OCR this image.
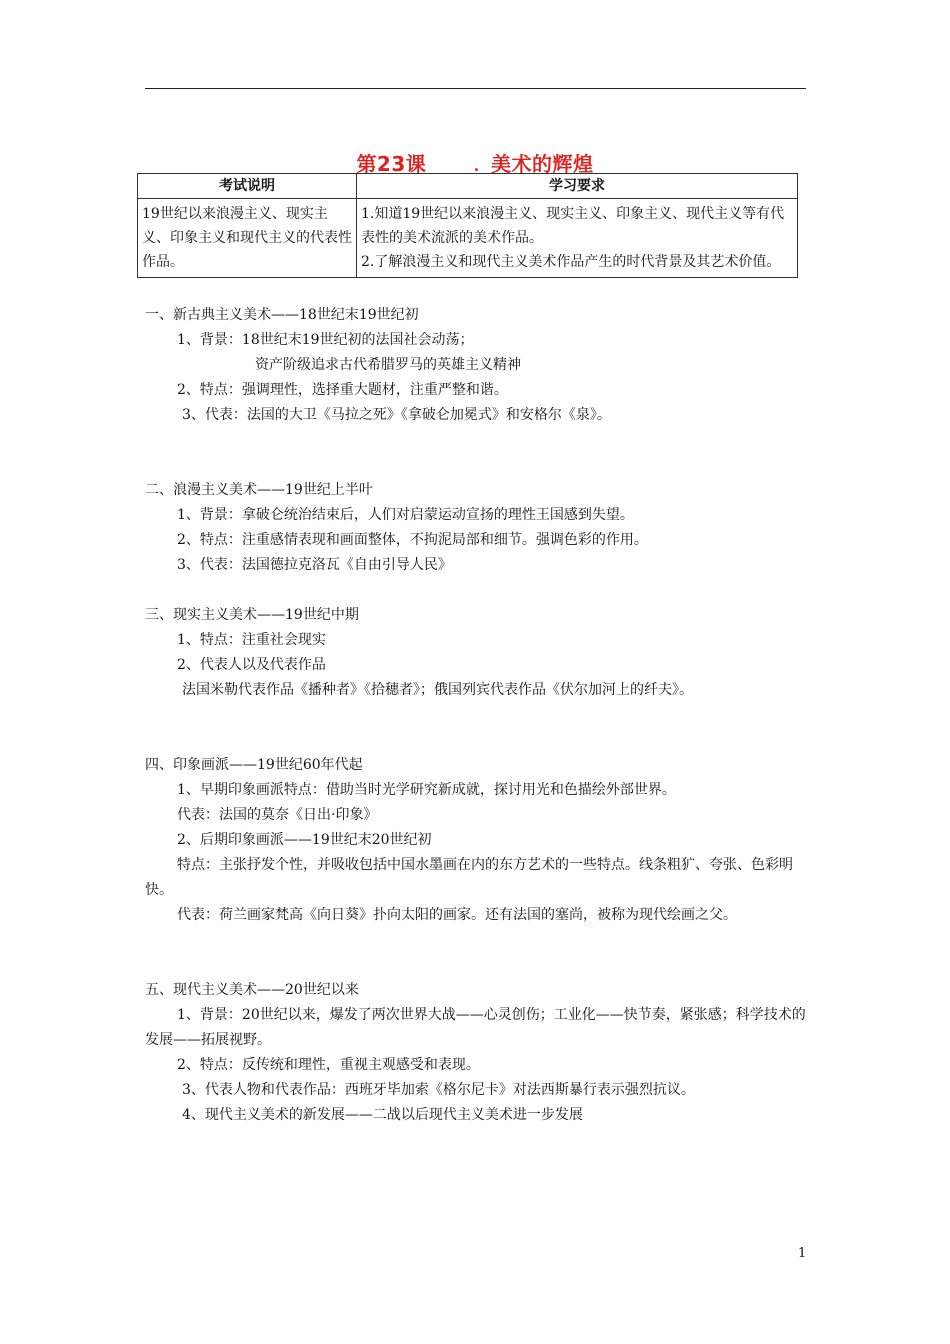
第23课	. 美术的辉煌
考试说明	学习要求
19世纪以来浪漫主义、现实主义、印象主义和现代主义的代表性作品。	1.知道19世纪以来浪漫主义、现实主义、印象主义、现代主义等有代表性的美术流派的美术作品。
2.了解浪漫主义和现代主义美术作品产生的时代背景及其艺术价值。

一、新古典主义美术——18世纪末19世纪初

1、背景：18世纪末19世纪初的法国社会动荡；

资产阶级追求古代希腊罗马的英雄主义精神

2、特点：强调理性，选择重大题材，注重严整和谐。

3、代表：法国的大卫《马拉之死》《拿破仑加冕式》和安格尔《泉》。

二、浪漫主义美术——19世纪上半叶

1、背景：拿破仑统治结束后，人们对启蒙运动宣扬的理性王国感到失望。

2、特点：注重感情表现和画面整体，不拘泥局部和细节。强调色彩的作用。

3、代表：法国德拉克洛瓦《自由引导人民》

三、现实主义美术——19世纪中期

1、特点：注重社会现实

2、代表人以及代表作品

法国米勒代表作品《播种者》《拾穗者》；俄国列宾代表作品《伏尔加河上的纤夫》。

四、印象画派——19世纪60年代起

1、早期印象画派特点：借助当时光学研究新成就，探讨用光和色描绘外部世界。

代表：法国的莫奈《日出·印象》

2、后期印象画派——19世纪末20世纪初

特点：主张抒发个性，并吸收包括中国水墨画在内的东方艺术的一些特点。线条粗犷、夸张、色彩明快。

代表：荷兰画家梵高《向日葵》扑向太阳的画家。还有法国的塞尚，被称为现代绘画之父。

五、现代主义美术——20世纪以来

1、背景：20世纪以来，爆发了两次世界大战——心灵创伤；工业化——快节奏，紧张感；科学技术的发展——拓展视野。

2、特点：反传统和理性，重视主观感受和表现。

3、代表人物和代表作品：西班牙毕加索《格尔尼卡》对法西斯暴行表示强烈抗议。

4、现代主义美术的新发展——二战以后现代主义美术进一步发展

1
